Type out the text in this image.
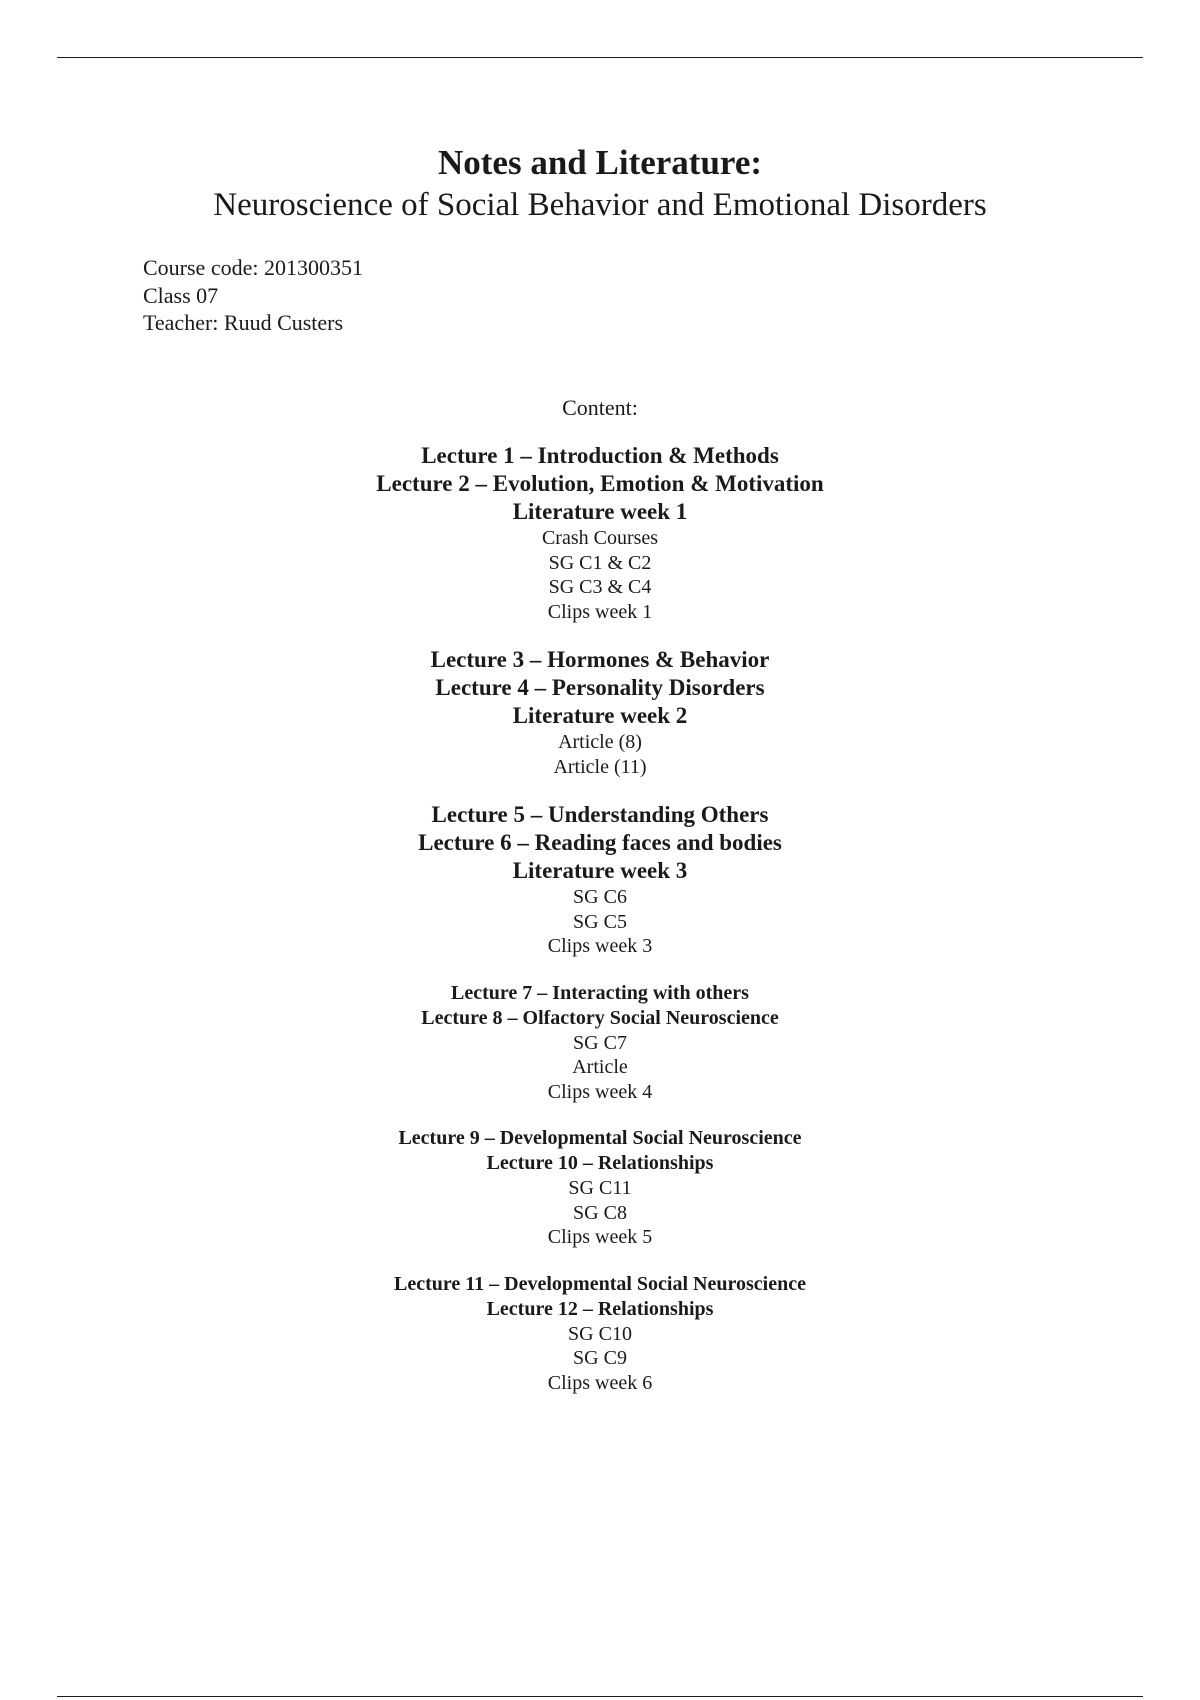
Notes and Literature:
Neuroscience of Social Behavior and Emotional Disorders
Course code: 201300351
Class 07
Teacher: Ruud Custers
Content:
Lecture 1 – Introduction & Methods
Lecture 2 – Evolution, Emotion & Motivation
Literature week 1
Crash Courses
SG C1 & C2
SG C3 & C4
Clips week 1
Lecture 3 – Hormones & Behavior
Lecture 4 – Personality Disorders
Literature week 2
Article (8)
Article (11)
Lecture 5 – Understanding Others
Lecture 6 – Reading faces and bodies
Literature week 3
SG C6
SG C5
Clips week 3
Lecture 7 – Interacting with others
Lecture 8 – Olfactory Social Neuroscience
SG C7
Article
Clips week 4
Lecture 9 – Developmental Social Neuroscience
Lecture 10 – Relationships
SG C11
SG C8
Clips week 5
Lecture 11 – Developmental Social Neuroscience
Lecture 12 – Relationships
SG C10
SG C9
Clips week 6
